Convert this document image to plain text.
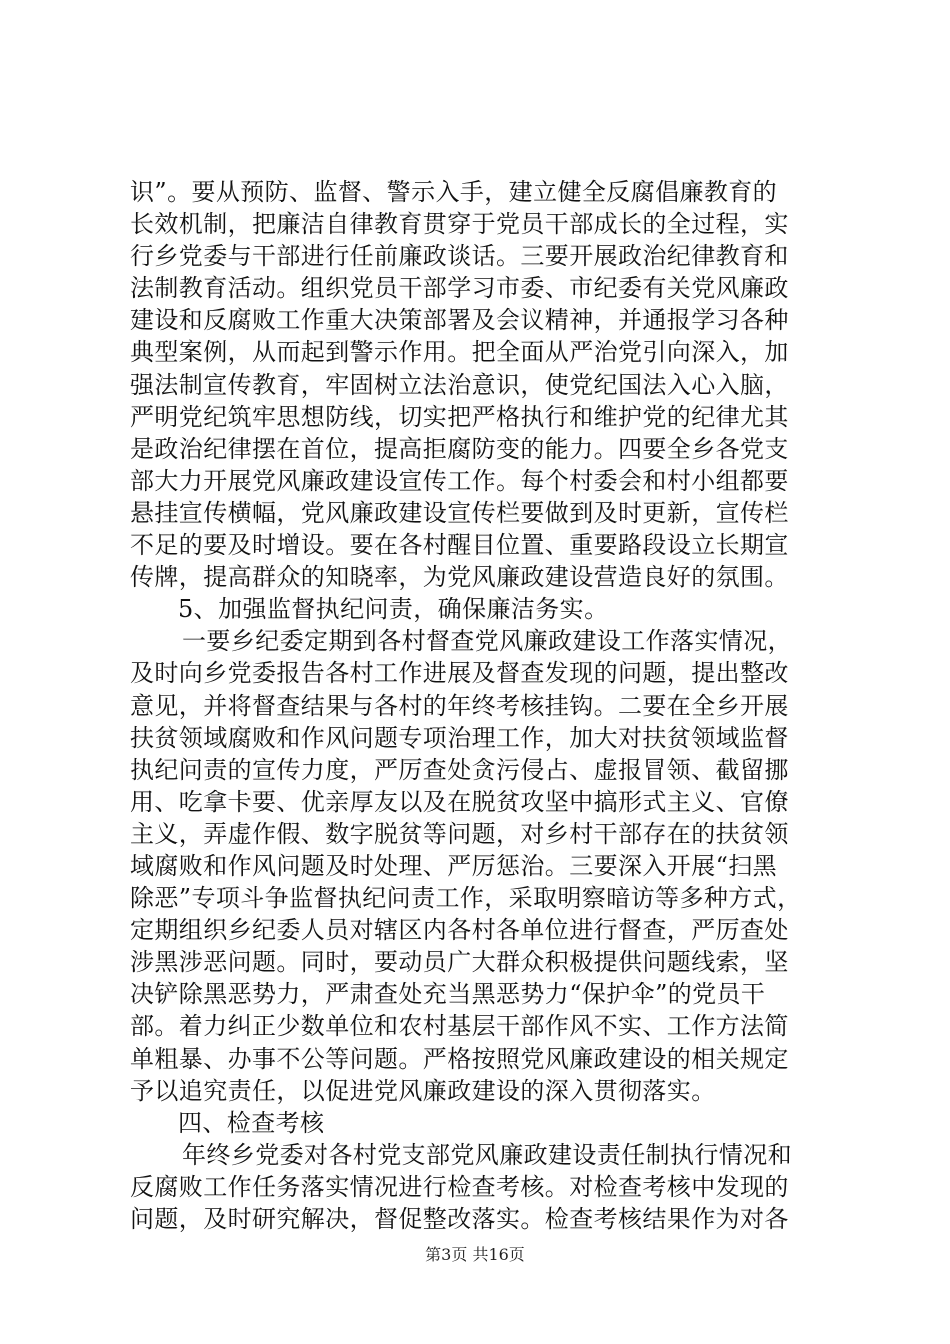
识”。要从预防、监督、警示入手，建立健全反腐倡廉教育的
长效机制，把廉洁自律教育贯穿于党员干部成长的全过程，实
行乡党委与干部进行任前廉政谈话。三要开展政治纪律教育和
法制教育活动。组织党员干部学习市委、市纪委有关党风廉政
建设和反腐败工作重大决策部署及会议精神，并通报学习各种
典型案例，从而起到警示作用。把全面从严治党引向深入，加
强法制宣传教育，牢固树立法治意识，使党纪国法入心入脑，
严明党纪筑牢思想防线，切实把严格执行和维护党的纪律尤其
是政治纪律摆在首位，提高拒腐防变的能力。四要全乡各党支
部大力开展党风廉政建设宣传工作。每个村委会和村小组都要
悬挂宣传横幅，党风廉政建设宣传栏要做到及时更新，宣传栏
不足的要及时增设。要在各村醒目位置、重要路段设立长期宣
传牌，提高群众的知晓率，为党风廉政建设营造良好的氛围。
5、加强监督执纪问责，确保廉洁务实。
一要乡纪委定期到各村督查党风廉政建设工作落实情况，
及时向乡党委报告各村工作进展及督查发现的问题，提出整改
意见，并将督查结果与各村的年终考核挂钩。二要在全乡开展
扶贫领域腐败和作风问题专项治理工作，加大对扶贫领域监督
执纪问责的宣传力度，严厉查处贪污侵占、虚报冒领、截留挪
用、吃拿卡要、优亲厚友以及在脱贫攻坚中搞形式主义、官僚
主义，弄虚作假、数字脱贫等问题，对乡村干部存在的扶贫领
域腐败和作风问题及时处理、严厉惩治。三要深入开展“扫黑
除恶”专项斗争监督执纪问责工作，采取明察暗访等多种方式，
定期组织乡纪委人员对辖区内各村各单位进行督查，严厉查处
涉黑涉恶问题。同时，要动员广大群众积极提供问题线索，坚
决铲除黑恶势力，严肃查处充当黑恶势力“保护伞”的党员干
部。着力纠正少数单位和农村基层干部作风不实、工作方法简
单粗暴、办事不公等问题。严格按照党风廉政建设的相关规定
予以追究责任，以促进党风廉政建设的深入贯彻落实。
四、检查考核
年终乡党委对各村党支部党风廉政建设责任制执行情况和
反腐败工作任务落实情况进行检查考核。对检查考核中发现的
问题，及时研究解决，督促整改落实。检查考核结果作为对各
第3页 共16页
